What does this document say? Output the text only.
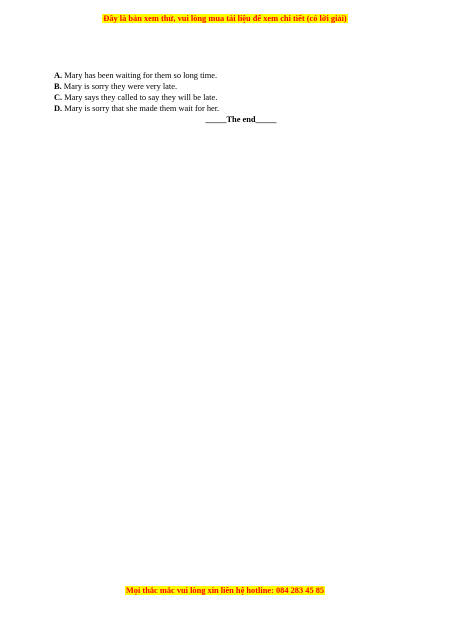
Đây là bản xem thử, vui lòng mua tài liệu để xem chi tiết (có lời giải)
A. Mary has been waiting for them so long time.
B. Mary is sorry they were very late.
C. Mary says they called to say they will be late.
D. Mary is sorry that she made them wait for her.
_____The end_____
Mọi thắc mắc vui lòng xin liên hệ hotline: 084 283 45 85
